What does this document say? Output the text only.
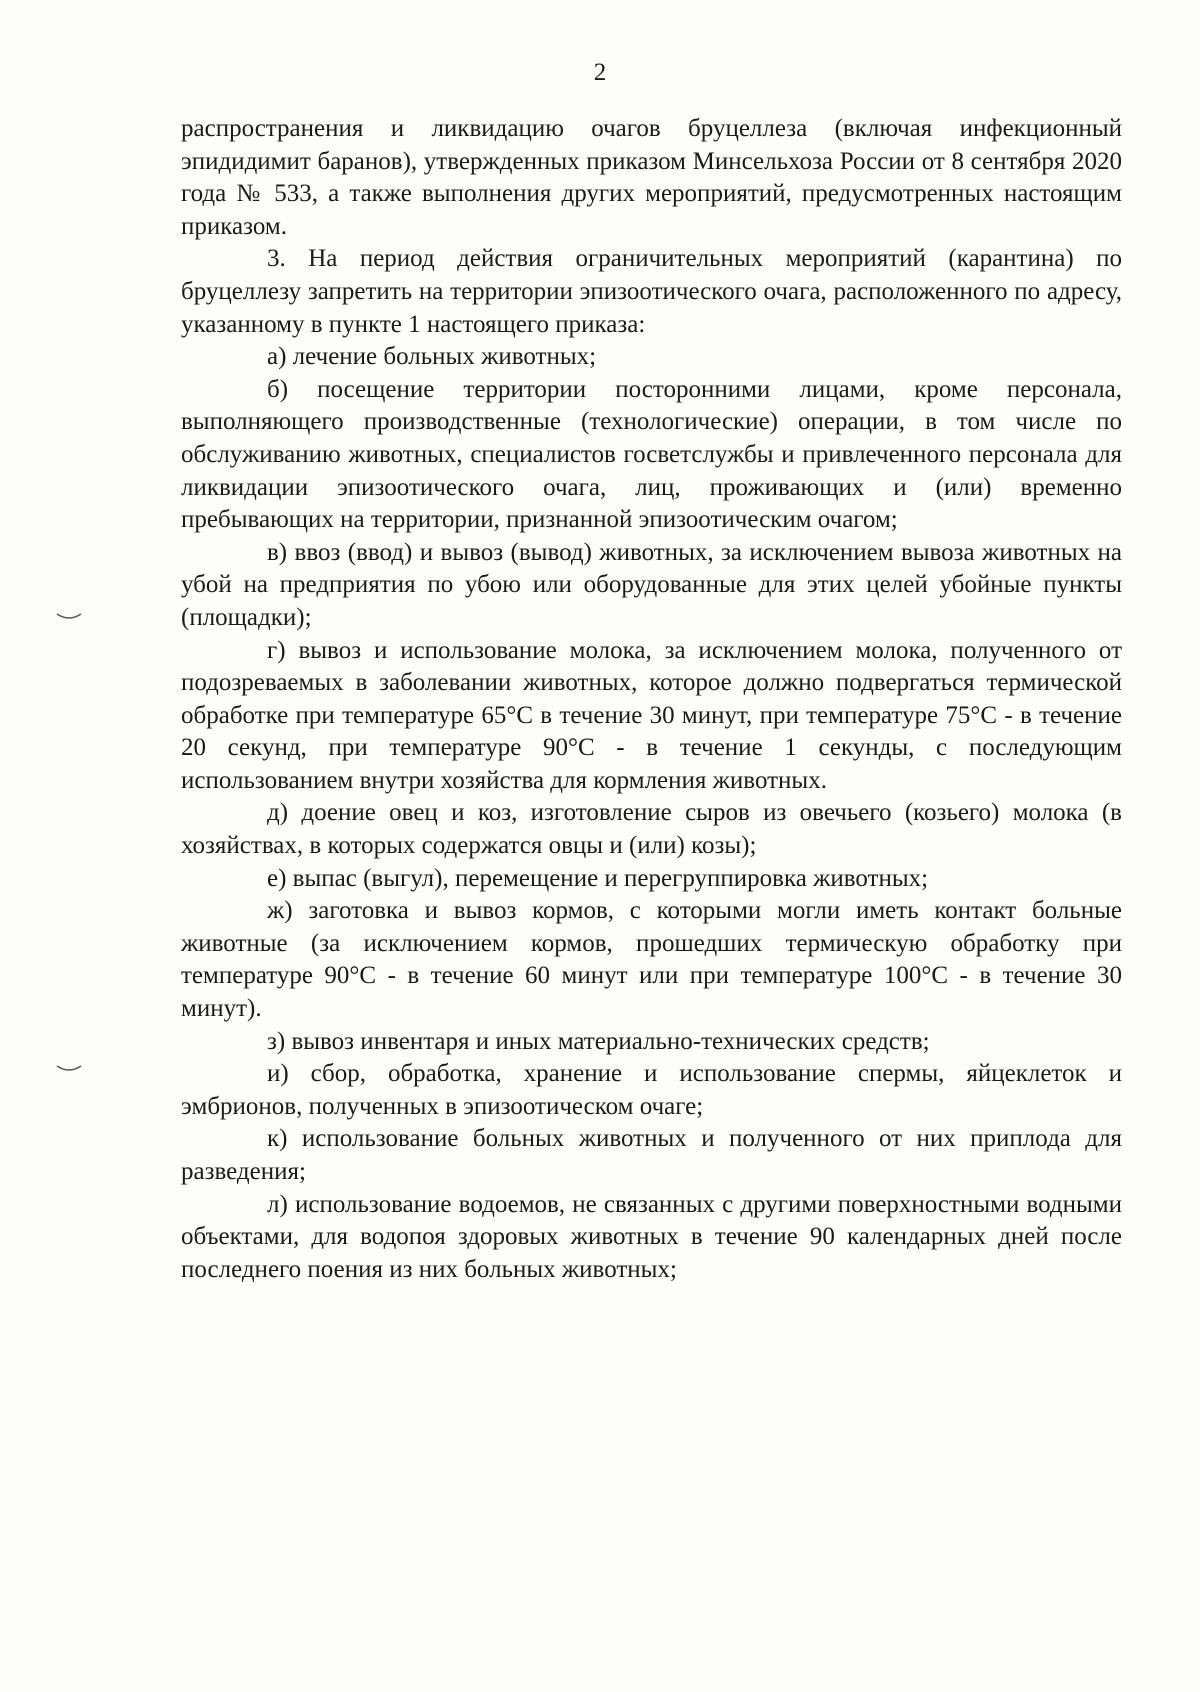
2

распространения и ликвидацию очагов бруцеллеза (включая инфекционный эпидидимит баранов), утвержденных приказом Минсельхоза России от 8 сентября 2020 года № 533, а также выполнения других мероприятий, предусмотренных настоящим приказом.

3. На период действия ограничительных мероприятий (карантина) по бруцеллезу запретить на территории эпизоотического очага, расположенного по адресу, указанному в пункте 1 настоящего приказа:

а) лечение больных животных;

б) посещение территории посторонними лицами, кроме персонала, выполняющего производственные (технологические) операции, в том числе по обслуживанию животных, специалистов госветслужбы и привлеченного персонала для ликвидации эпизоотического очага, лиц, проживающих и (или) временно пребывающих на территории, признанной эпизоотическим очагом;

в) ввоз (ввод) и вывоз (вывод) животных, за исключением вывоза животных на убой на предприятия по убою или оборудованные для этих целей убойные пункты (площадки);

г) вывоз и использование молока, за исключением молока, полученного от подозреваемых в заболевании животных, которое должно подвергаться термической обработке при температуре 65°С в течение 30 минут, при температуре 75°С - в течение 20 секунд, при температуре 90°С - в течение 1 секунды, с последующим использованием внутри хозяйства для кормления животных.

д) доение овец и коз, изготовление сыров из овечьего (козьего) молока (в хозяйствах, в которых содержатся овцы и (или) козы);

е) выпас (выгул), перемещение и перегруппировка животных;

ж) заготовка и вывоз кормов, с которыми могли иметь контакт больные животные (за исключением кормов, прошедших термическую обработку при температуре 90°С - в течение 60 минут или при температуре 100°С - в течение 30 минут).

з) вывоз инвентаря и иных материально-технических средств;

и) сбор, обработка, хранение и использование спермы, яйцеклеток и эмбрионов, полученных в эпизоотическом очаге;

к) использование больных животных и полученного от них приплода для разведения;

л) использование водоемов, не связанных с другими поверхностными водными объектами, для водопоя здоровых животных в течение 90 календарных дней после последнего поения из них больных животных;
